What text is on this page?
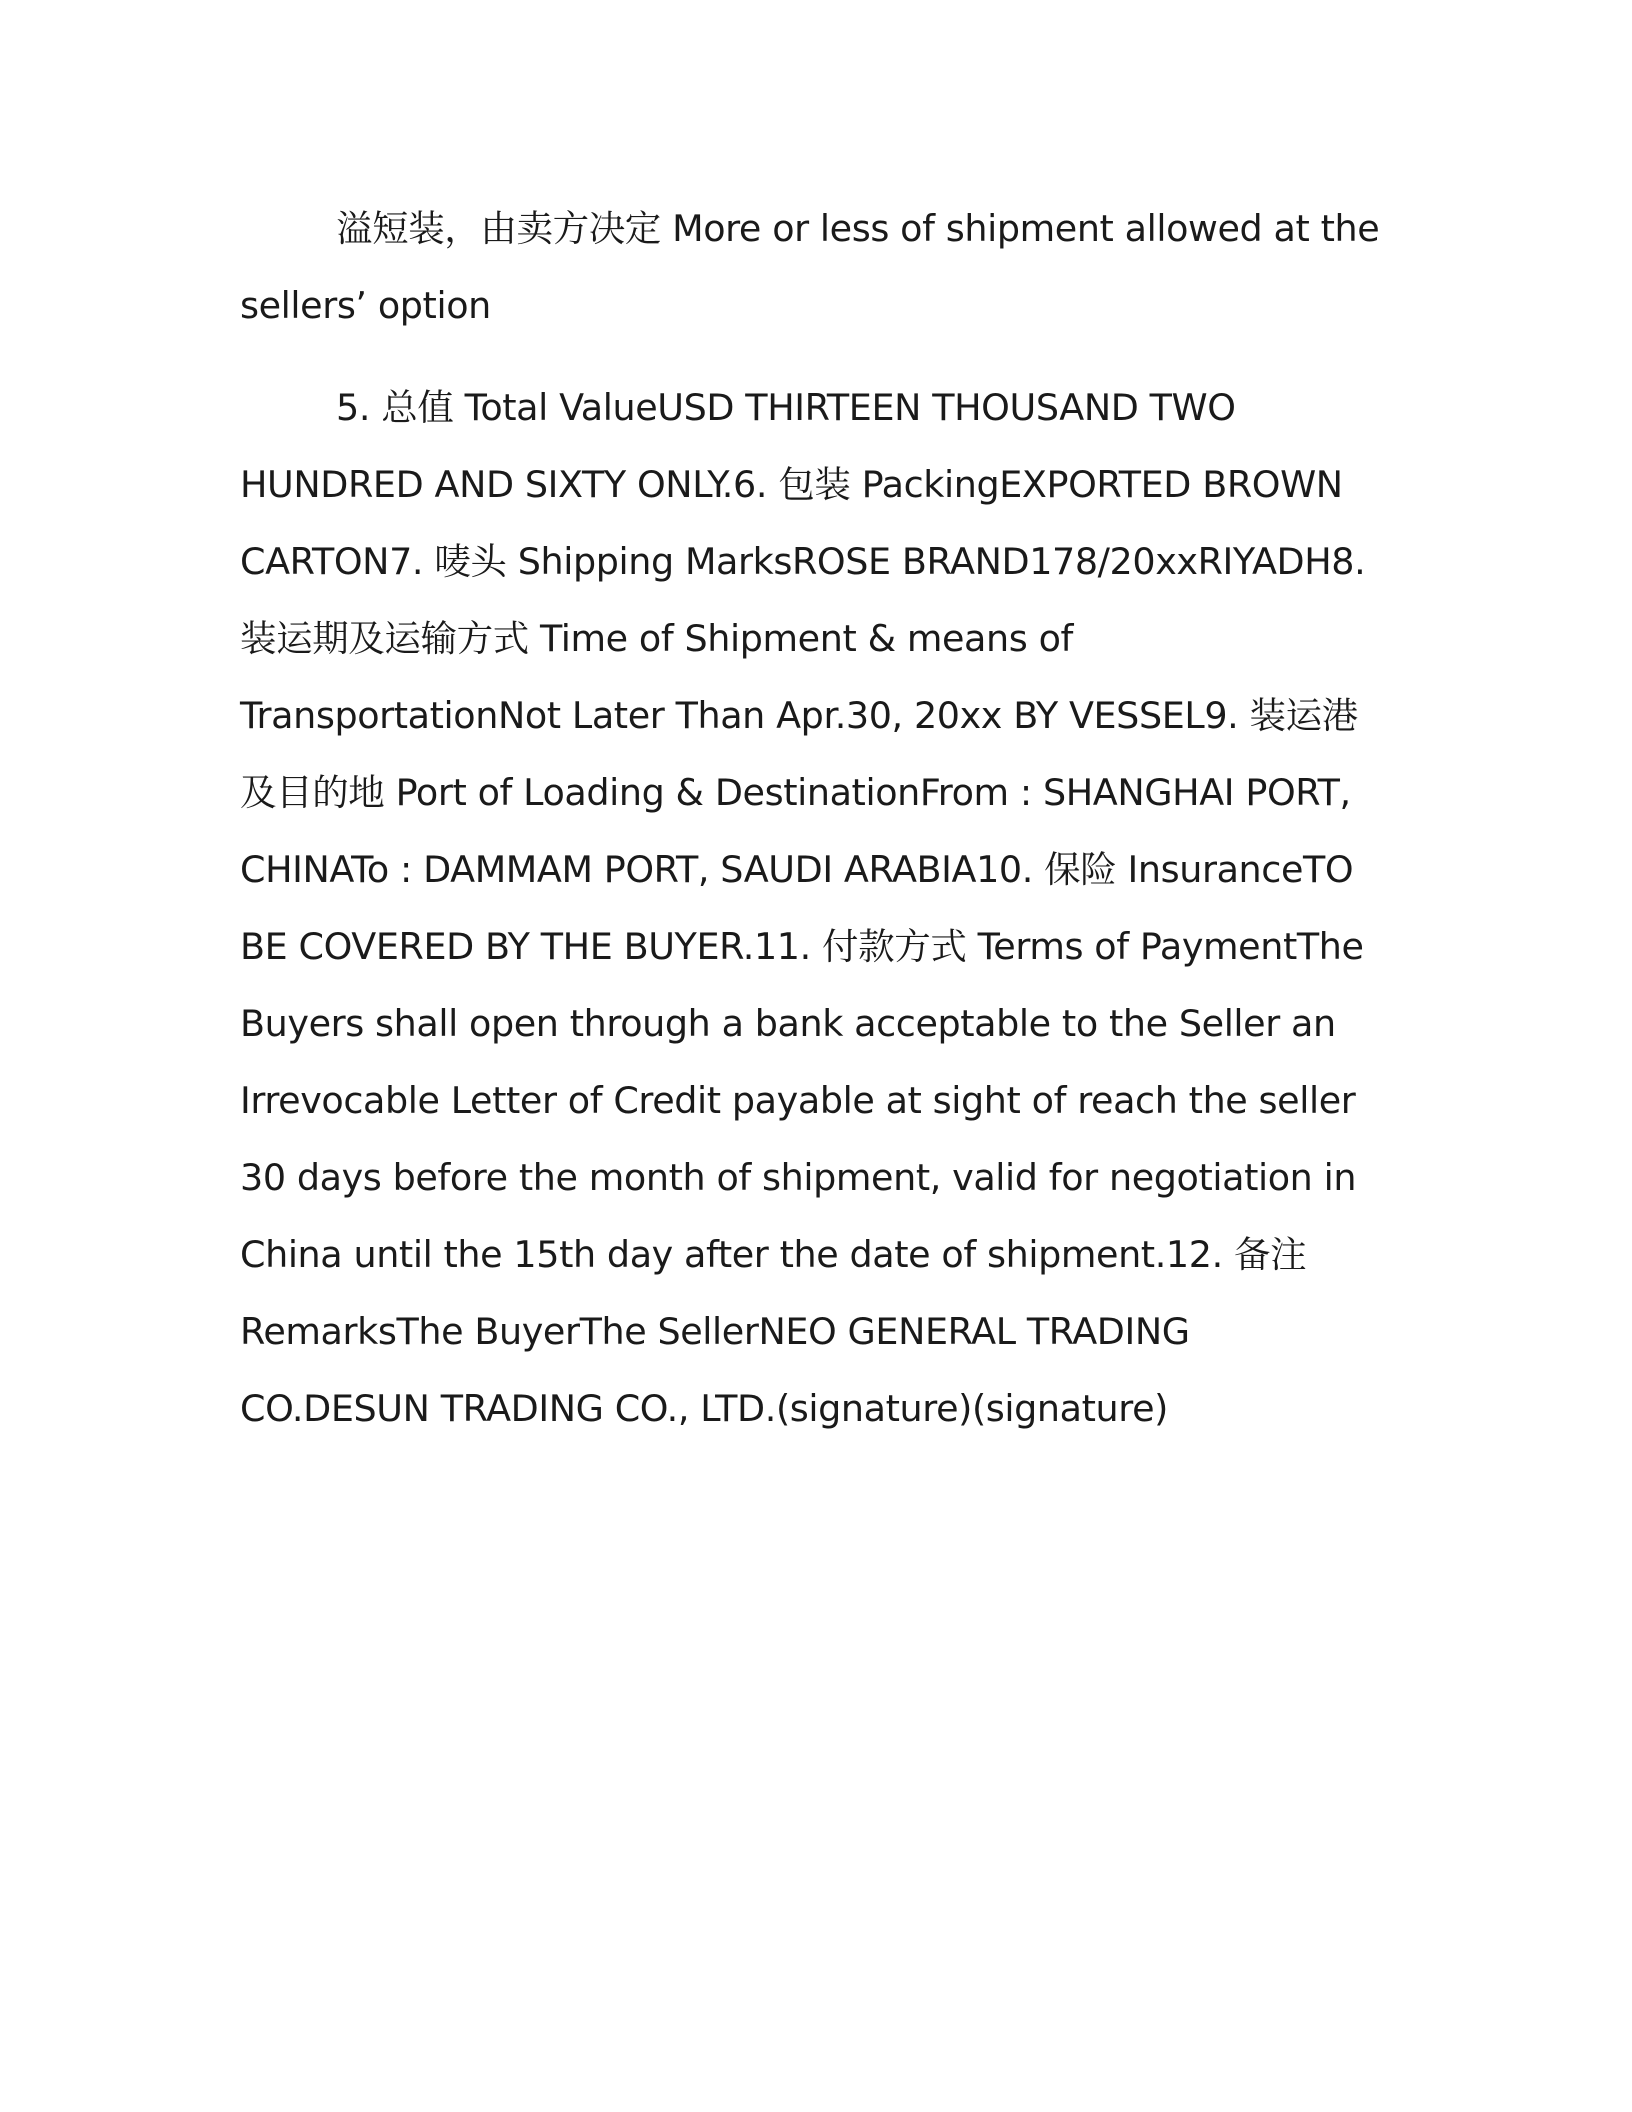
溢短装，由卖方决定 More or less of shipment allowed at the sellers’ option

5. 总值 Total ValueUSD THIRTEEN THOUSAND TWO HUNDRED AND SIXTY ONLY.6. 包装 PackingEXPORTED BROWN CARTON7. 唛头 Shipping MarksROSE BRAND178/20xxRIYADH8. 装运期及运输方式 Time of Shipment & means of TransportationNot Later Than Apr.30, 20xx BY VESSEL9. 装运港及目的地 Port of Loading & DestinationFrom : SHANGHAI PORT, CHINATo : DAMMAM PORT, SAUDI ARABIA10. 保险 InsuranceTO BE COVERED BY THE BUYER.11. 付款方式 Terms of PaymentThe Buyers shall open through a bank acceptable to the Seller an Irrevocable Letter of Credit payable at sight of reach the seller 30 days before the month of shipment, valid for negotiation in China until the 15th day after the date of shipment.12. 备注 RemarksThe BuyerThe SellerNEO GENERAL TRADING CO.DESUN TRADING CO., LTD.(signature)(signature)
